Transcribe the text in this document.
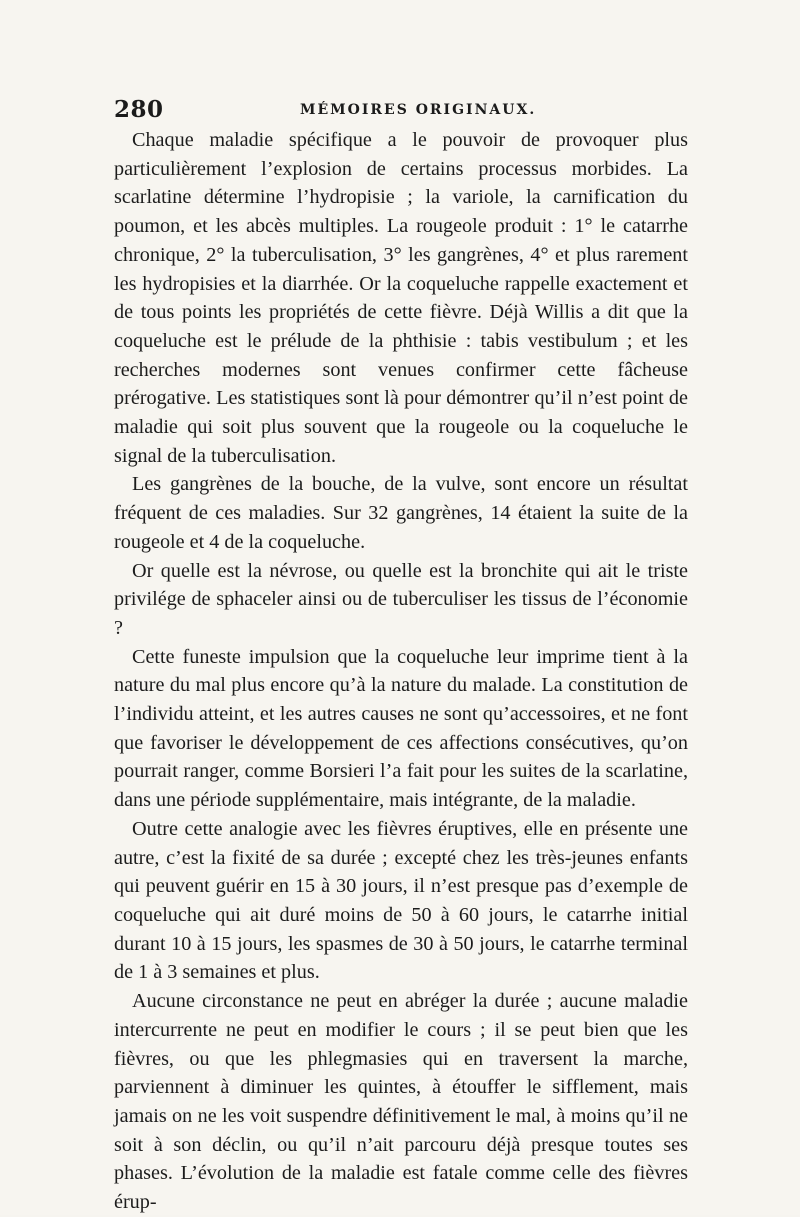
280	MÉMOIRES ORIGINAUX.

Chaque maladie spécifique a le pouvoir de provoquer plus particulièrement l’explosion de certains processus morbides. La scarlatine détermine l’hydropisie ; la variole, la carnification du poumon, et les abcès multiples. La rougeole produit : 1° le catarrhe chronique, 2° la tuberculisation, 3° les gangrènes, 4° et plus rarement les hydropisies et la diarrhée. Or la coqueluche rappelle exactement et de tous points les propriétés de cette fièvre. Déjà Willis a dit que la coqueluche est le prélude de la phthisie : tabis vestibulum ; et les recherches modernes sont venues confirmer cette fâcheuse prérogative. Les statistiques sont là pour démontrer qu’il n’est point de maladie qui soit plus souvent que la rougeole ou la coqueluche le signal de la tuberculisation.

Les gangrènes de la bouche, de la vulve, sont encore un résultat fréquent de ces maladies. Sur 32 gangrènes, 14 étaient la suite de la rougeole et 4 de la coqueluche.

Or quelle est la névrose, ou quelle est la bronchite qui ait le triste privilége de sphaceler ainsi ou de tuberculiser les tissus de l’économie ?

Cette funeste impulsion que la coqueluche leur imprime tient à la nature du mal plus encore qu’à la nature du malade. La constitution de l’individu atteint, et les autres causes ne sont qu’accessoires, et ne font que favoriser le développement de ces affections consécutives, qu’on pourrait ranger, comme Borsieri l’a fait pour les suites de la scarlatine, dans une période supplémentaire, mais intégrante, de la maladie.

Outre cette analogie avec les fièvres éruptives, elle en présente une autre, c’est la fixité de sa durée ; excepté chez les très-jeunes enfants qui peuvent guérir en 15 à 30 jours, il n’est presque pas d’exemple de coqueluche qui ait duré moins de 50 à 60 jours, le catarrhe initial durant 10 à 15 jours, les spasmes de 30 à 50 jours, le catarrhe terminal de 1 à 3 semaines et plus.

Aucune circonstance ne peut en abréger la durée ; aucune maladie intercurrente ne peut en modifier le cours ; il se peut bien que les fièvres, ou que les phlegmasies qui en traversent la marche, parviennent à diminuer les quintes, à étouffer le sifflement, mais jamais on ne les voit suspendre définitivement le mal, à moins qu’il ne soit à son déclin, ou qu’il n’ait parcouru déjà presque toutes ses phases. L’évolution de la maladie est fatale comme celle des fièvres érup-
